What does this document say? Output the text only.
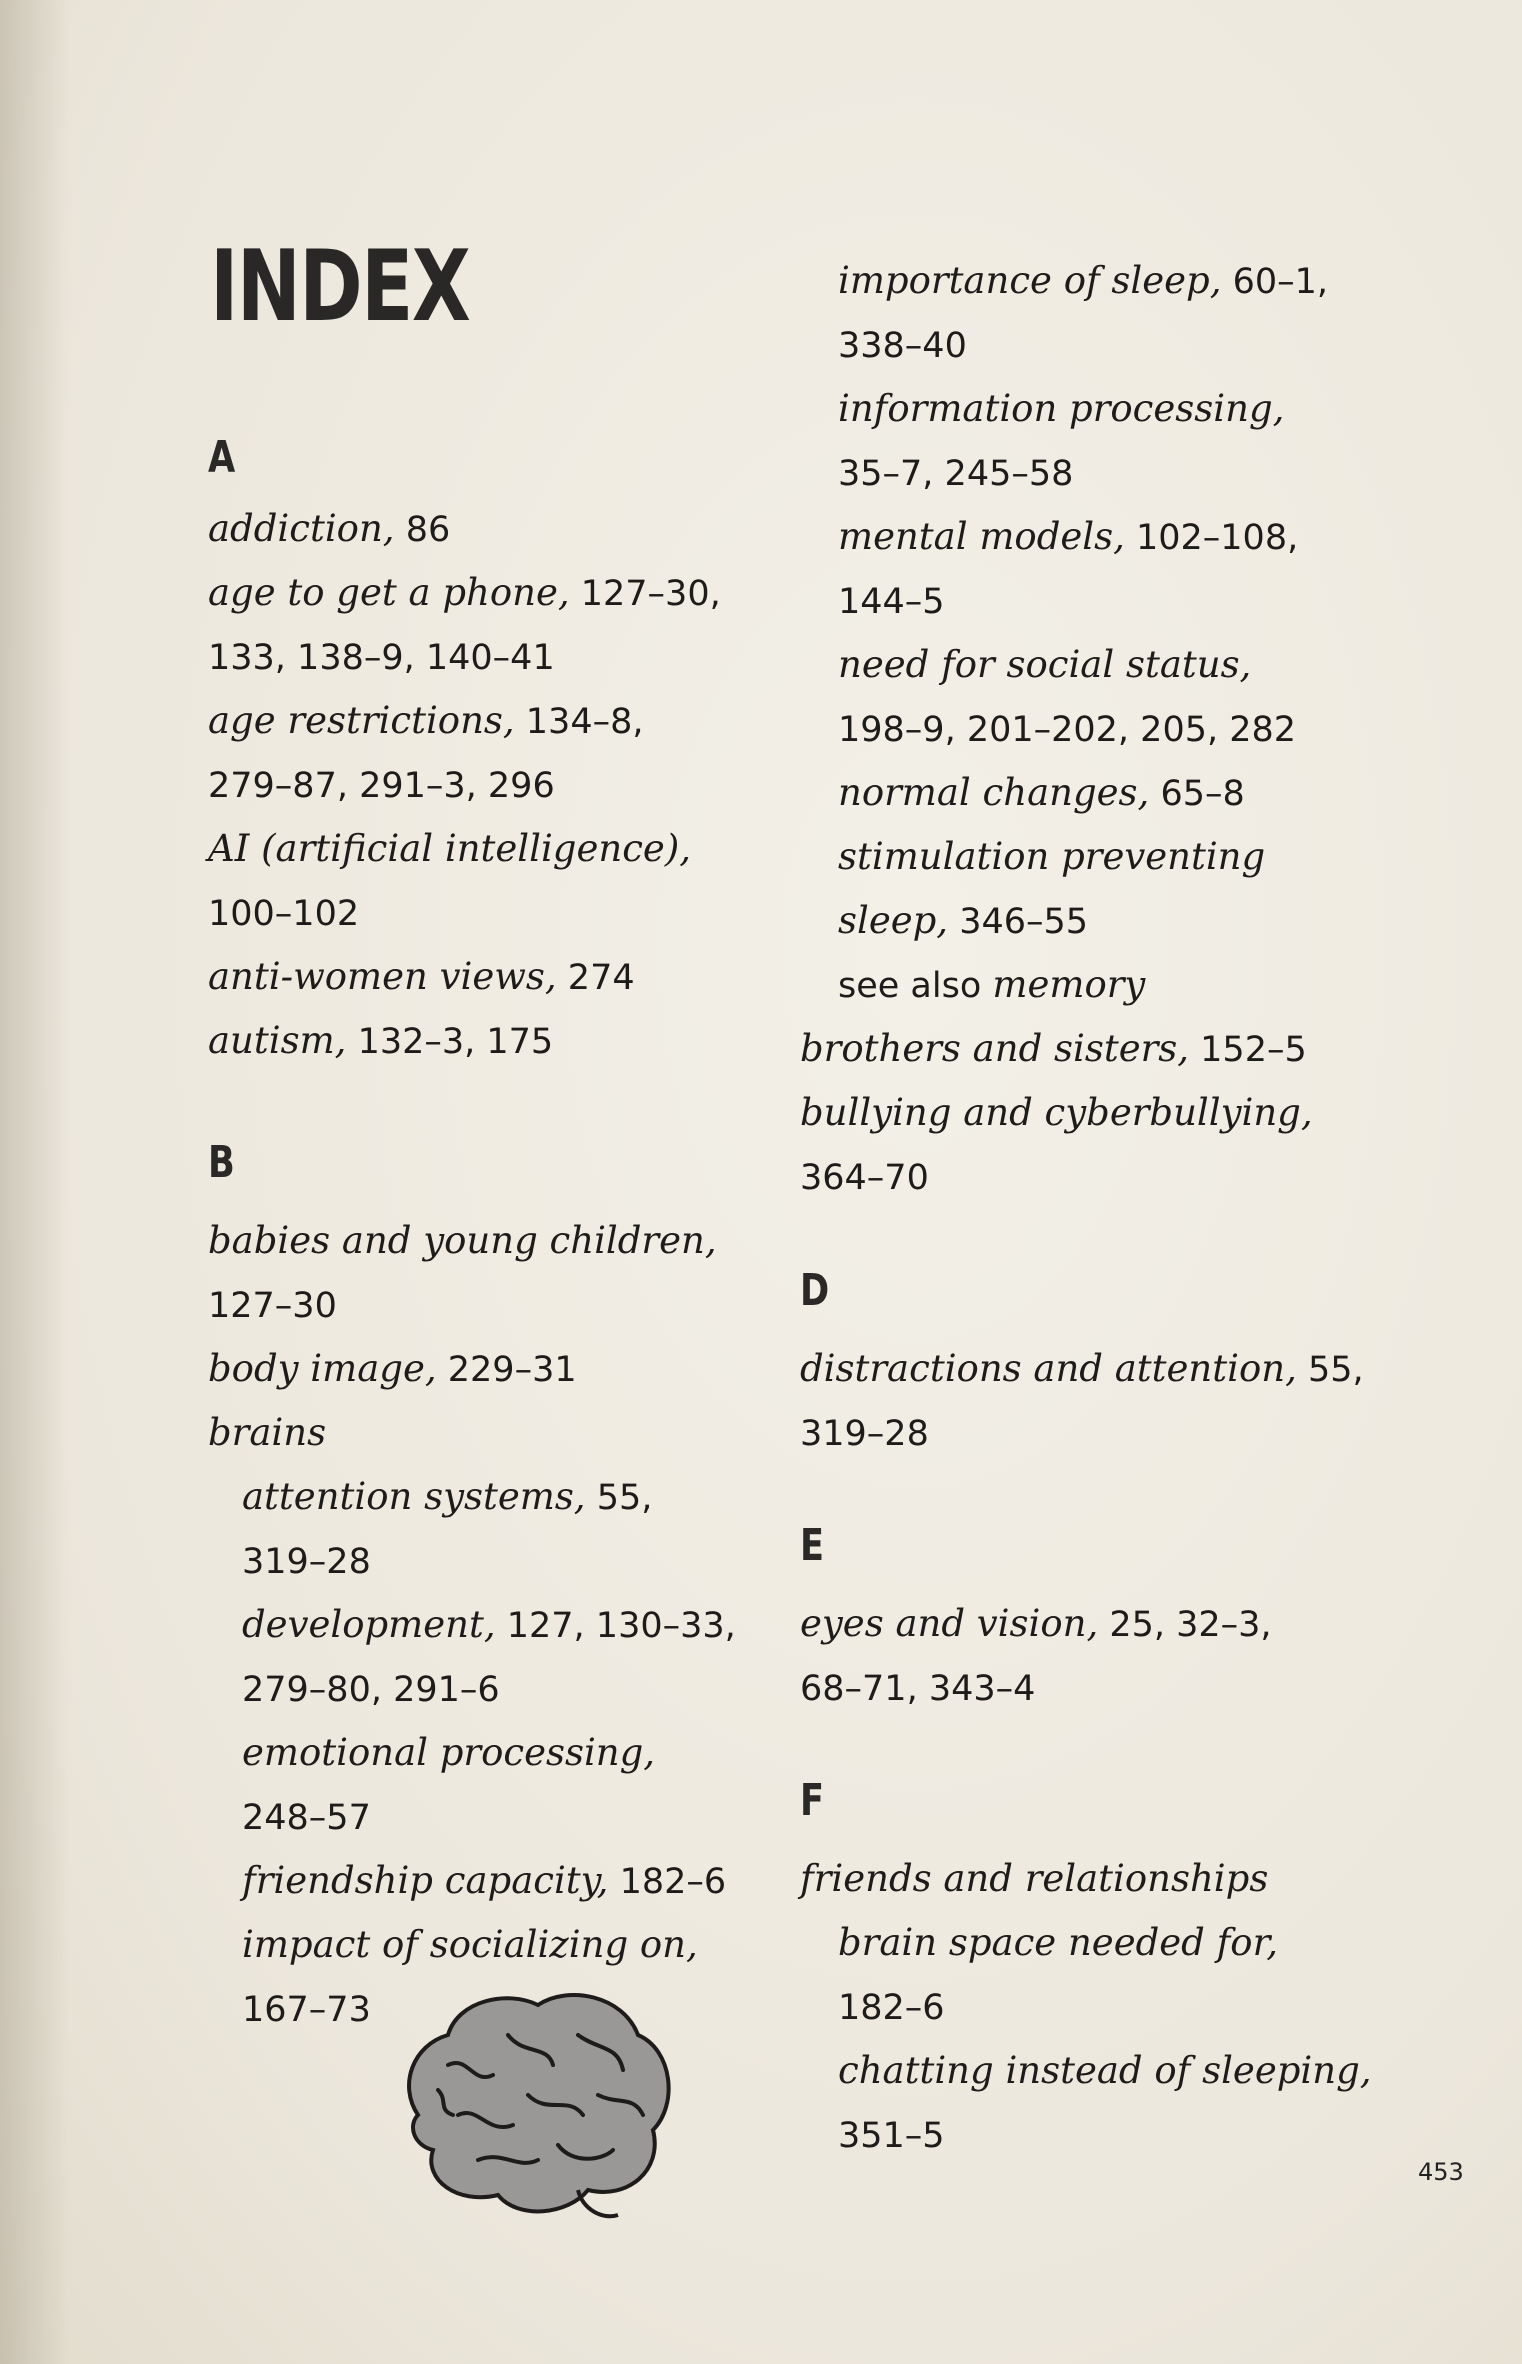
INDEX
A
addiction, 86
age to get a phone, 127–30,
133, 138–9, 140–41
age restrictions, 134–8,
279–87, 291–3, 296
AI (artificial intelligence),
100–102
anti-women views, 274
autism, 132–3, 175
B
babies and young children,
127–30
body image, 229–31
brains
attention systems, 55,
319–28
development, 127, 130–33,
279–80, 291–6
emotional processing,
248–57
friendship capacity, 182–6
impact of socializing on,
167–73
importance of sleep, 60–1,
338–40
information processing,
35–7, 245–58
mental models, 102–108,
144–5
need for social status,
198–9, 201–202, 205, 282
normal changes, 65–8
stimulation preventing
sleep, 346–55
see also memory
brothers and sisters, 152–5
bullying and cyberbullying,
364–70
D
distractions and attention, 55,
319–28
E
eyes and vision, 25, 32–3,
68–71, 343–4
F
friends and relationships
brain space needed for,
182–6
chatting instead of sleeping,
351–5
453
